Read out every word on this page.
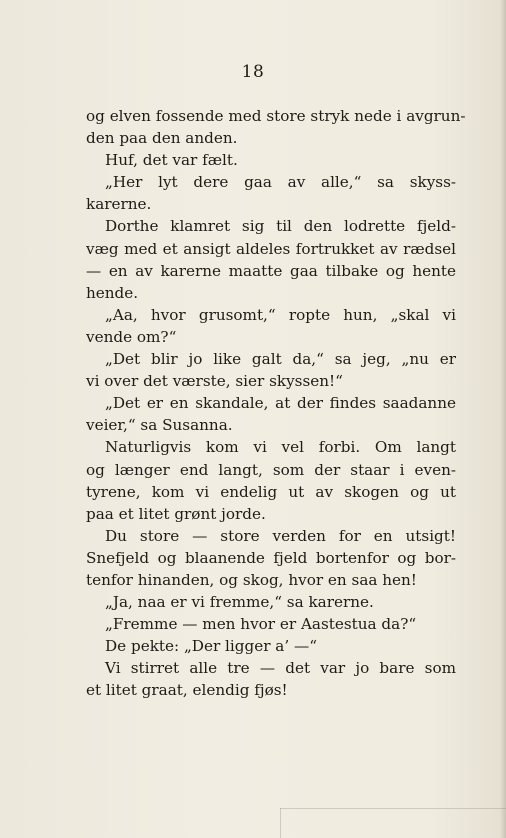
18
og elven fossende med store stryk nede i avgrun-
den paa den anden.
Huf, det var fælt.
„Her lyt dere gaa av alle,“ sa skyss-
karerne.
Dorthe klamret sig til den lodrette fjeld-
væg med et ansigt aldeles fortrukket av rædsel
— en av karerne maatte gaa tilbake og hente
hende.
„Aa, hvor grusomt,“ ropte hun, „skal vi
vende om?“
„Det blir jo like galt da,“ sa jeg, „nu er
vi over det værste, sier skyssen!“
„Det er en skandale, at der findes saadanne
veier,“ sa Susanna.
Naturligvis kom vi vel forbi. Om langt
og længer end langt, som der staar i even-
tyrene, kom vi endelig ut av skogen og ut
paa et litet grønt jorde.
Du store — store verden for en utsigt!
Snefjeld og blaanende fjeld bortenfor og bor-
tenfor hinanden, og skog, hvor en saa hen!
„Ja, naa er vi fremme,“ sa karerne.
„Fremme — men hvor er Aastestua da?“
De pekte: „Der ligger a’ —“
Vi stirret alle tre — det var jo bare som
et litet graat, elendig fjøs!
